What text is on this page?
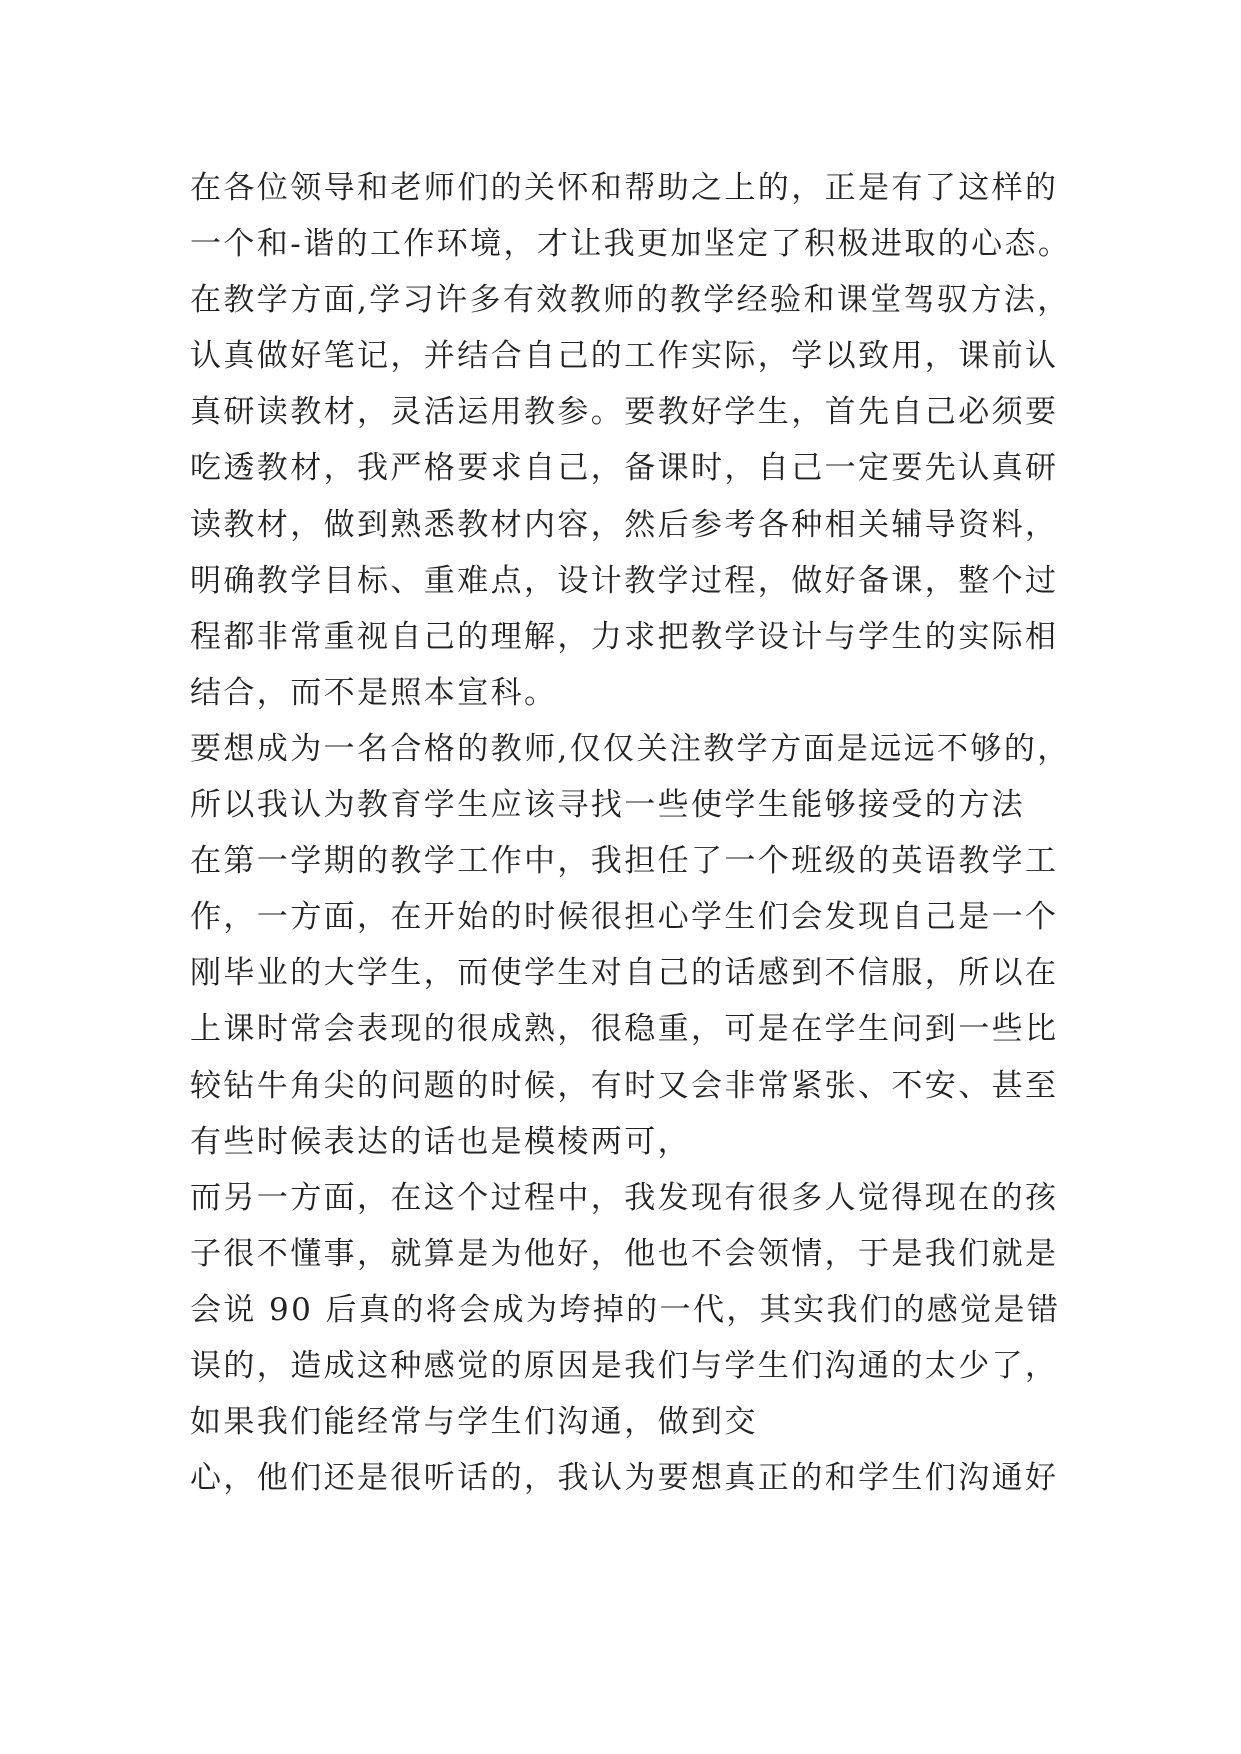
在各位领导和老师们的关怀和帮助之上的，正是有了这样的
一个和-谐的工作环境，才让我更加坚定了积极进取的心态。
在教学方面,学习许多有效教师的教学经验和课堂驾驭方法，
认真做好笔记，并结合自己的工作实际，学以致用，课前认
真研读教材，灵活运用教参。要教好学生，首先自己必须要
吃透教材，我严格要求自己，备课时，自己一定要先认真研
读教材，做到熟悉教材内容，然后参考各种相关辅导资料，
明确教学目标、重难点，设计教学过程，做好备课，整个过
程都非常重视自己的理解，力求把教学设计与学生的实际相
结合，而不是照本宣科。
要想成为一名合格的教师,仅仅关注教学方面是远远不够的，
所以我认为教育学生应该寻找一些使学生能够接受的方法
在第一学期的教学工作中，我担任了一个班级的英语教学工
作，一方面，在开始的时候很担心学生们会发现自己是一个
刚毕业的大学生，而使学生对自己的话感到不信服，所以在
上课时常会表现的很成熟，很稳重，可是在学生问到一些比
较钻牛角尖的问题的时候，有时又会非常紧张、不安、甚至
有些时候表达的话也是模棱两可，
而另一方面，在这个过程中，我发现有很多人觉得现在的孩
子很不懂事，就算是为他好，他也不会领情，于是我们就是
会说 90 后真的将会成为垮掉的一代，其实我们的感觉是错
误的，造成这种感觉的原因是我们与学生们沟通的太少了，
如果我们能经常与学生们沟通，做到交
心，他们还是很听话的，我认为要想真正的和学生们沟通好
